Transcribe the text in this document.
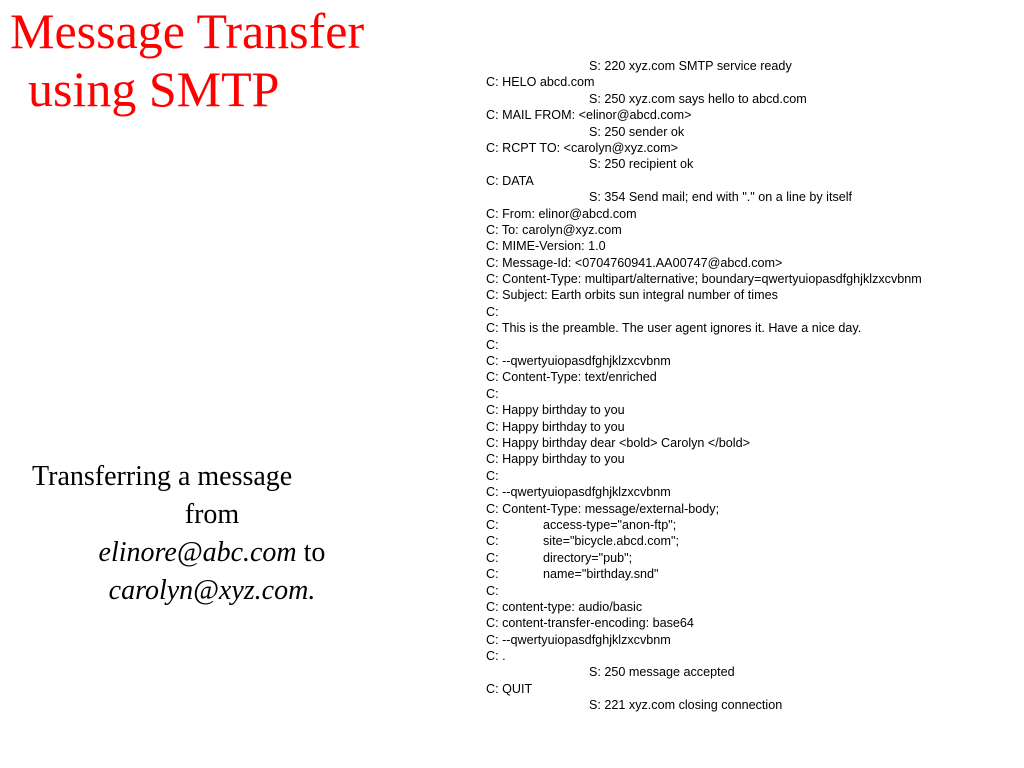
Message Transfer
using SMTP
Transferring a message
from
elinore@abc.com to
carolyn@xyz.com.
S: 220 xyz.com SMTP service ready
C: HELO abcd.com
S: 250 xyz.com says hello to abcd.com
C: MAIL FROM: <elinor@abcd.com>
S: 250 sender ok
C: RCPT TO: <carolyn@xyz.com>
S: 250 recipient ok
C: DATA
S: 354 Send mail; end with "." on a line by itself
C: From: elinor@abcd.com
C: To: carolyn@xyz.com
C: MIME-Version: 1.0
C: Message-Id: <0704760941.AA00747@abcd.com>
C: Content-Type: multipart/alternative; boundary=qwertyuiopasdfghjklzxcvbnm
C: Subject: Earth orbits sun integral number of times
C:
C: This is the preamble. The user agent ignores it. Have a nice day.
C:
C: --qwertyuiopasdfghjklzxcvbnm
C: Content-Type: text/enriched
C:
C: Happy birthday to you
C: Happy birthday to you
C: Happy birthday dear <bold> Carolyn </bold>
C: Happy birthday to you
C:
C: --qwertyuiopasdfghjklzxcvbnm
C: Content-Type: message/external-body;
C:	access-type="anon-ftp";
C:	site="bicycle.abcd.com";
C:	directory="pub";
C:	name="birthday.snd"
C:
C: content-type: audio/basic
C: content-transfer-encoding: base64
C: --qwertyuiopasdfghjklzxcvbnm
C: .
S: 250 message accepted
C: QUIT
S: 221 xyz.com closing connection
